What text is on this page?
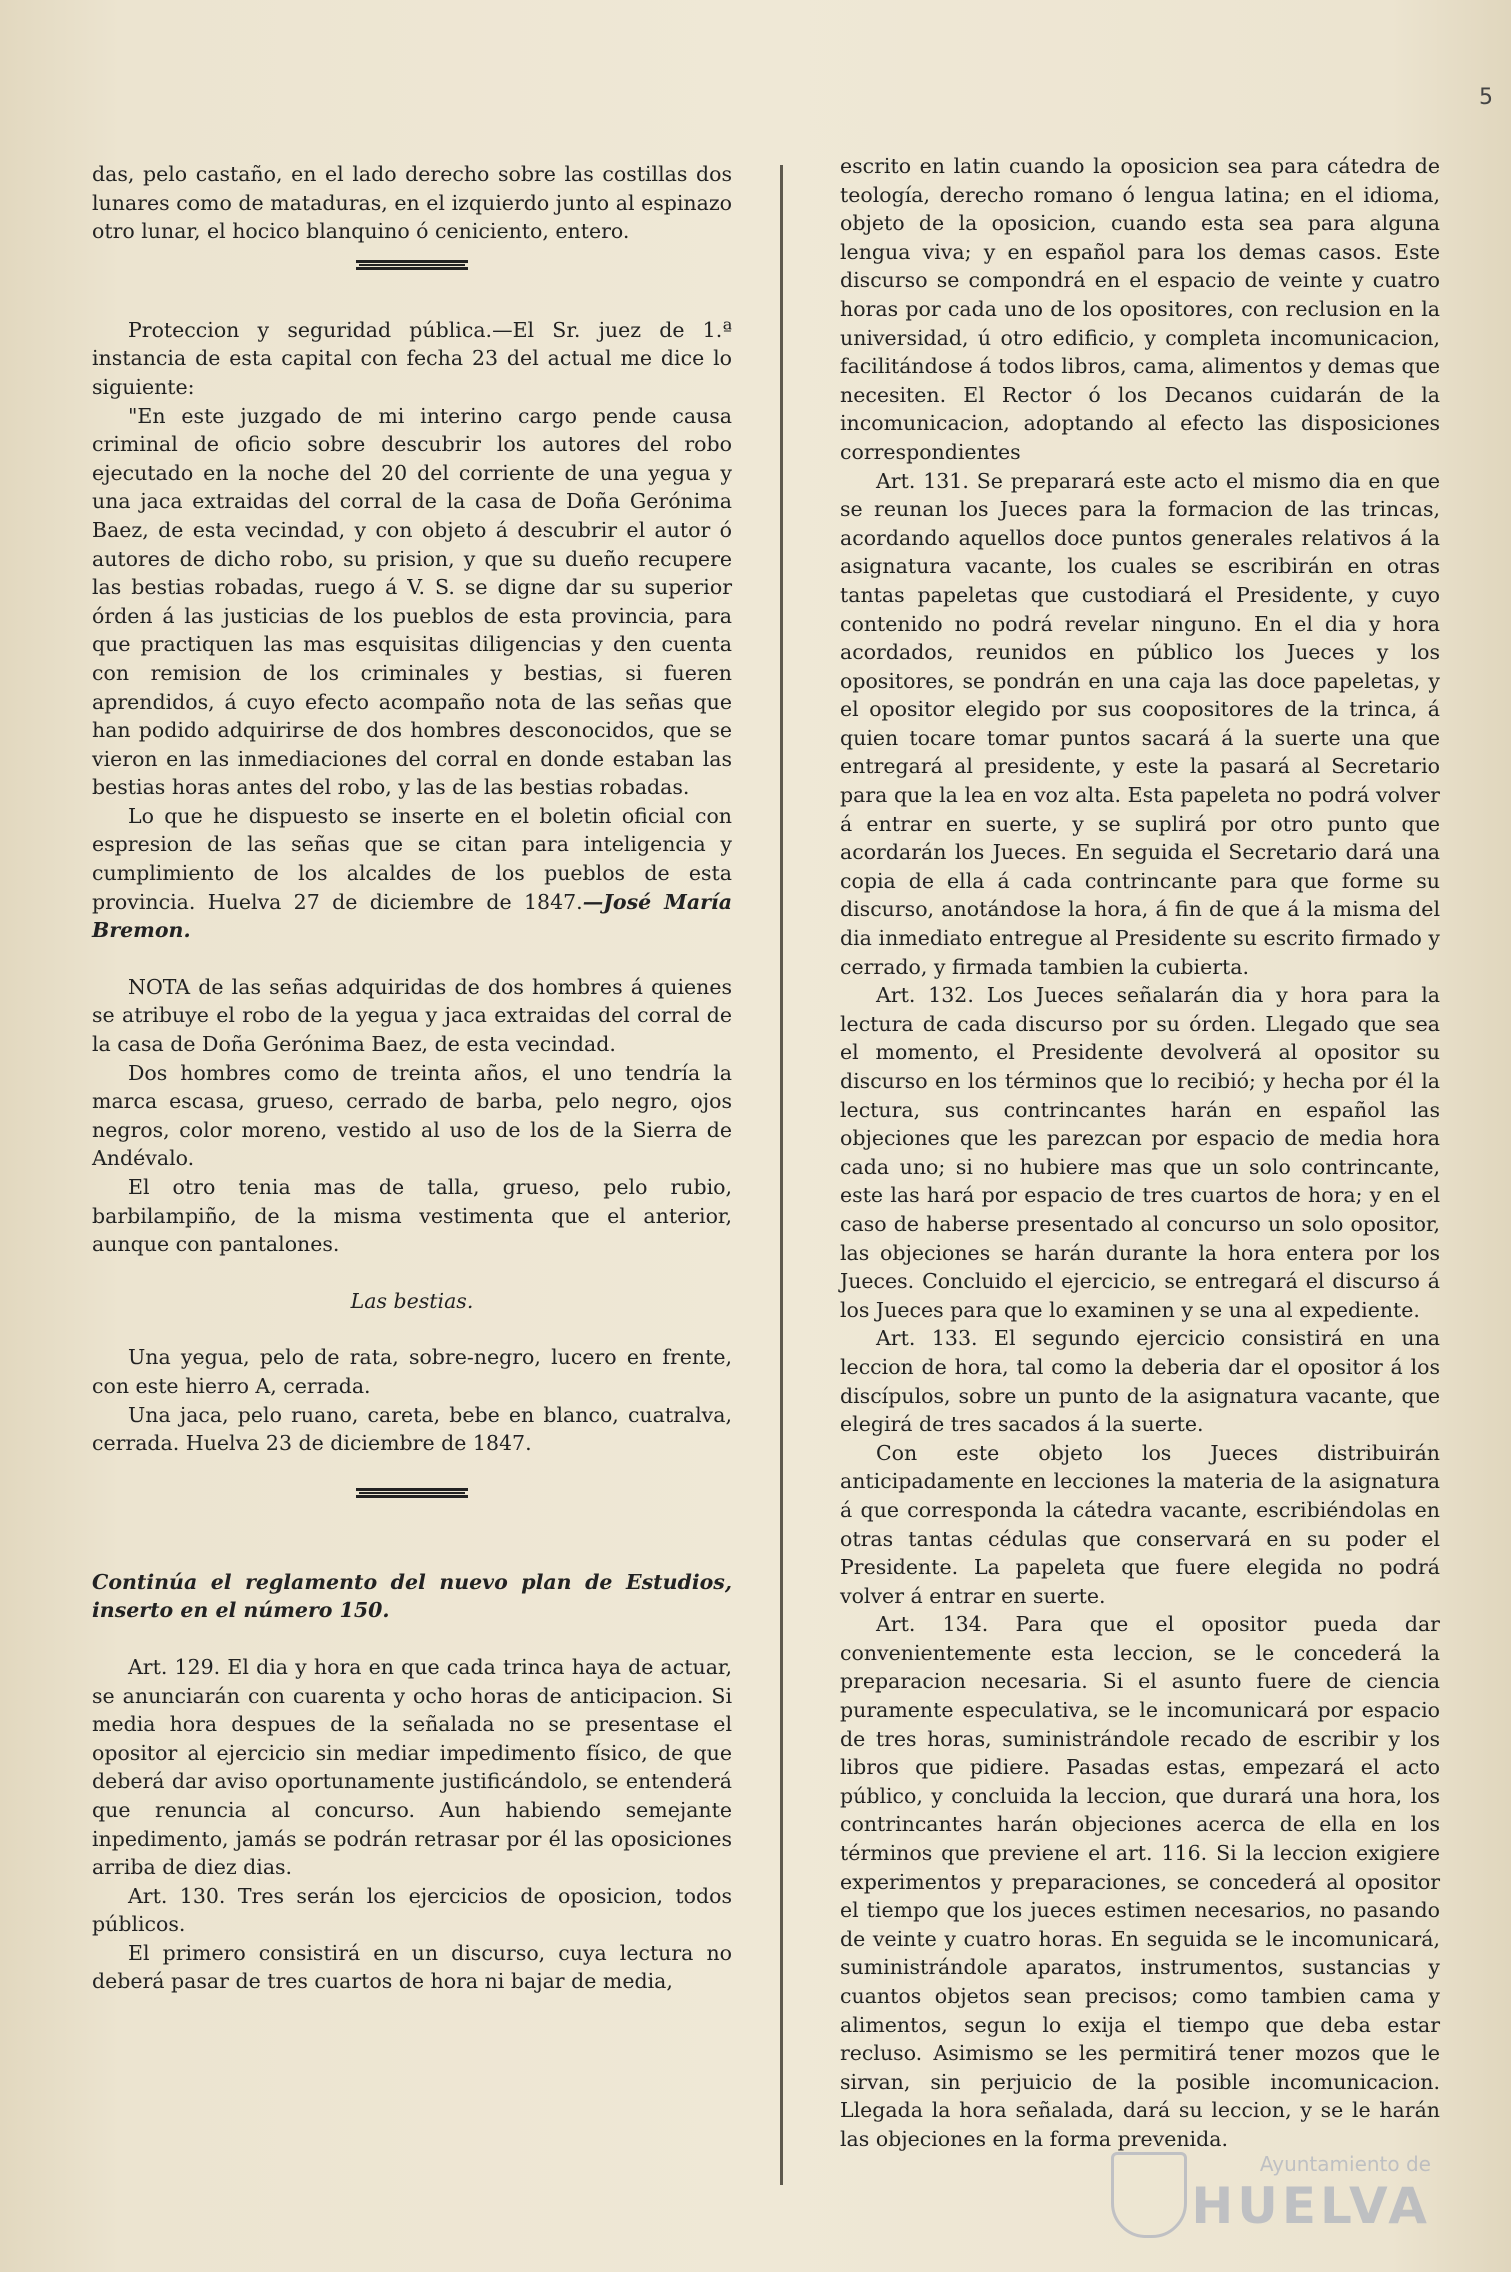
5

das, pelo castaño, en el lado derecho sobre las costillas dos lunares como de mataduras, en el izquierdo junto al espinazo otro lunar, el hocico blanquino ó ceniciento, entero.

Proteccion y seguridad pública.—El Sr. juez de 1.ª instancia de esta capital con fecha 23 del actual me dice lo siguiente:

"En este juzgado de mi interino cargo pende causa criminal de oficio sobre descubrir los autores del robo ejecutado en la noche del 20 del corriente de una yegua y una jaca extraidas del corral de la casa de Doña Gerónima Baez, de esta vecindad, y con objeto á descubrir el autor ó autores de dicho robo, su prision, y que su dueño recupere las bestias robadas, ruego á V. S. se digne dar su superior órden á las justicias de los pueblos de esta provincia, para que practiquen las mas esquisitas diligencias y den cuenta con remision de los criminales y bestias, si fueren aprendidos, á cuyo efecto acompaño nota de las señas que han podido adquirirse de dos hombres desconocidos, que se vieron en las inmediaciones del corral en donde estaban las bestias horas antes del robo, y las de las bestias robadas.

Lo que he dispuesto se inserte en el boletin oficial con espresion de las señas que se citan para inteligencia y cumplimiento de los alcaldes de los pueblos de esta provincia. Huelva 27 de diciembre de 1847.—José María Bremon.

NOTA de las señas adquiridas de dos hombres á quienes se atribuye el robo de la yegua y jaca extraidas del corral de la casa de Doña Gerónima Baez, de esta vecindad.

Dos hombres como de treinta años, el uno tendría la marca escasa, grueso, cerrado de barba, pelo negro, ojos negros, color moreno, vestido al uso de los de la Sierra de Andévalo.

El otro tenia mas de talla, grueso, pelo rubio, barbilampiño, de la misma vestimenta que el anterior, aunque con pantalones.

Las bestias.

Una yegua, pelo de rata, sobre-negro, lucero en frente, con este hierro A, cerrada.

Una jaca, pelo ruano, careta, bebe en blanco, cuatralva, cerrada. Huelva 23 de diciembre de 1847.

Continúa el reglamento del nuevo plan de Estudios, inserto en el número 150.

Art. 129. El dia y hora en que cada trinca haya de actuar, se anunciarán con cuarenta y ocho horas de anticipacion. Si media hora despues de la señalada no se presentase el opositor al ejercicio sin mediar impedimento físico, de que deberá dar aviso oportunamente justificándolo, se entenderá que renuncia al concurso. Aun habiendo semejante inpedimento, jamás se podrán retrasar por él las oposiciones arriba de diez dias.

Art. 130. Tres serán los ejercicios de oposicion, todos públicos.

El primero consistirá en un discurso, cuya lectura no deberá pasar de tres cuartos de hora ni bajar de media,

escrito en latin cuando la oposicion sea para cátedra de teología, derecho romano ó lengua latina; en el idioma, objeto de la oposicion, cuando esta sea para alguna lengua viva; y en español para los demas casos. Este discurso se compondrá en el espacio de veinte y cuatro horas por cada uno de los opositores, con reclusion en la universidad, ú otro edificio, y completa incomunicacion, facilitándose á todos libros, cama, alimentos y demas que necesiten. El Rector ó los Decanos cuidarán de la incomunicacion, adoptando al efecto las disposiciones correspondientes

Art. 131. Se preparará este acto el mismo dia en que se reunan los Jueces para la formacion de las trincas, acordando aquellos doce puntos generales relativos á la asignatura vacante, los cuales se escribirán en otras tantas papeletas que custodiará el Presidente, y cuyo contenido no podrá revelar ninguno. En el dia y hora acordados, reunidos en público los Jueces y los opositores, se pondrán en una caja las doce papeletas, y el opositor elegido por sus coopositores de la trinca, á quien tocare tomar puntos sacará á la suerte una que entregará al presidente, y este la pasará al Secretario para que la lea en voz alta. Esta papeleta no podrá volver á entrar en suerte, y se suplirá por otro punto que acordarán los Jueces. En seguida el Secretario dará una copia de ella á cada contrincante para que forme su discurso, anotándose la hora, á fin de que á la misma del dia inmediato entregue al Presidente su escrito firmado y cerrado, y firmada tambien la cubierta.

Art. 132. Los Jueces señalarán dia y hora para la lectura de cada discurso por su órden. Llegado que sea el momento, el Presidente devolverá al opositor su discurso en los términos que lo recibió; y hecha por él la lectura, sus contrincantes harán en español las objeciones que les parezcan por espacio de media hora cada uno; si no hubiere mas que un solo contrincante, este las hará por espacio de tres cuartos de hora; y en el caso de haberse presentado al concurso un solo opositor, las objeciones se harán durante la hora entera por los Jueces. Concluido el ejercicio, se entregará el discurso á los Jueces para que lo examinen y se una al expediente.

Art. 133. El segundo ejercicio consistirá en una leccion de hora, tal como la deberia dar el opositor á los discípulos, sobre un punto de la asignatura vacante, que elegirá de tres sacados á la suerte.

Con este objeto los Jueces distribuirán anticipadamente en lecciones la materia de la asignatura á que corresponda la cátedra vacante, escribiéndolas en otras tantas cédulas que conservará en su poder el Presidente. La papeleta que fuere elegida no podrá volver á entrar en suerte.

Art. 134. Para que el opositor pueda dar convenientemente esta leccion, se le concederá la preparacion necesaria. Si el asunto fuere de ciencia puramente especulativa, se le incomunicará por espacio de tres horas, suministrándole recado de escribir y los libros que pidiere. Pasadas estas, empezará el acto público, y concluida la leccion, que durará una hora, los contrincantes harán objeciones acerca de ella en los términos que previene el art. 116. Si la leccion exigiere experimentos y preparaciones, se concederá al opositor el tiempo que los jueces estimen necesarios, no pasando de veinte y cuatro horas. En seguida se le incomunicará, suministrándole aparatos, instrumentos, sustancias y cuantos objetos sean precisos; como tambien cama y alimentos, segun lo exija el tiempo que deba estar recluso. Asimismo se les permitirá tener mozos que le sirvan, sin perjuicio de la posible incomunicacion. Llegada la hora señalada, dará su leccion, y se le harán las objeciones en la forma prevenida.

Ayuntamiento de
HUELVA
